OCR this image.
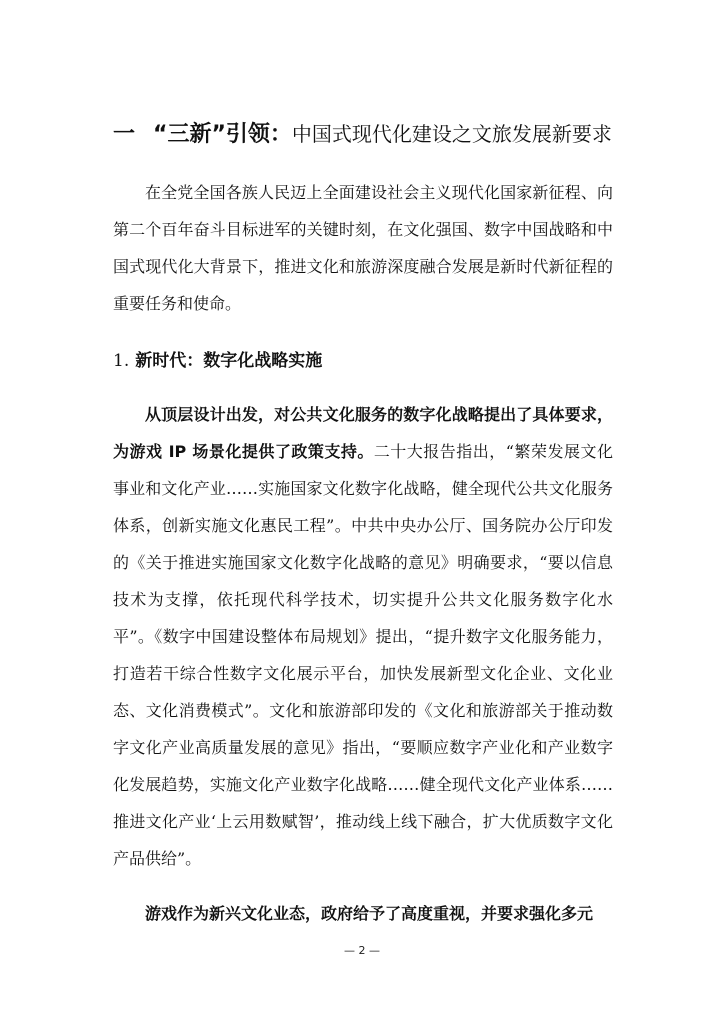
一 “三新”引领：中国式现代化建设之文旅发展新要求

在全党全国各族人民迈上全面建设社会主义现代化国家新征程、向第二个百年奋斗目标进军的关键时刻，在文化强国、数字中国战略和中国式现代化大背景下，推进文化和旅游深度融合发展是新时代新征程的重要任务和使命。

1. 新时代：数字化战略实施

从顶层设计出发，对公共文化服务的数字化战略提出了具体要求，为游戏 IP 场景化提供了政策支持。二十大报告指出，“繁荣发展文化事业和文化产业……实施国家文化数字化战略，健全现代公共文化服务体系，创新实施文化惠民工程”。中共中央办公厅、国务院办公厅印发的《关于推进实施国家文化数字化战略的意见》明确要求，“要以信息技术为支撑，依托现代科学技术，切实提升公共文化服务数字化水平”。《数字中国建设整体布局规划》提出，“提升数字文化服务能力，打造若干综合性数字文化展示平台，加快发展新型文化企业、文化业态、文化消费模式”。文化和旅游部印发的《文化和旅游部关于推动数字文化产业高质量发展的意见》指出，“要顺应数字产业化和产业数字化发展趋势，实施文化产业数字化战略……健全现代文化产业体系……推进文化产业‘上云用数赋智’，推动线上线下融合，扩大优质数字文化产品供给”。

游戏作为新兴文化业态，政府给予了高度重视，并要求强化多元

— 2 —
